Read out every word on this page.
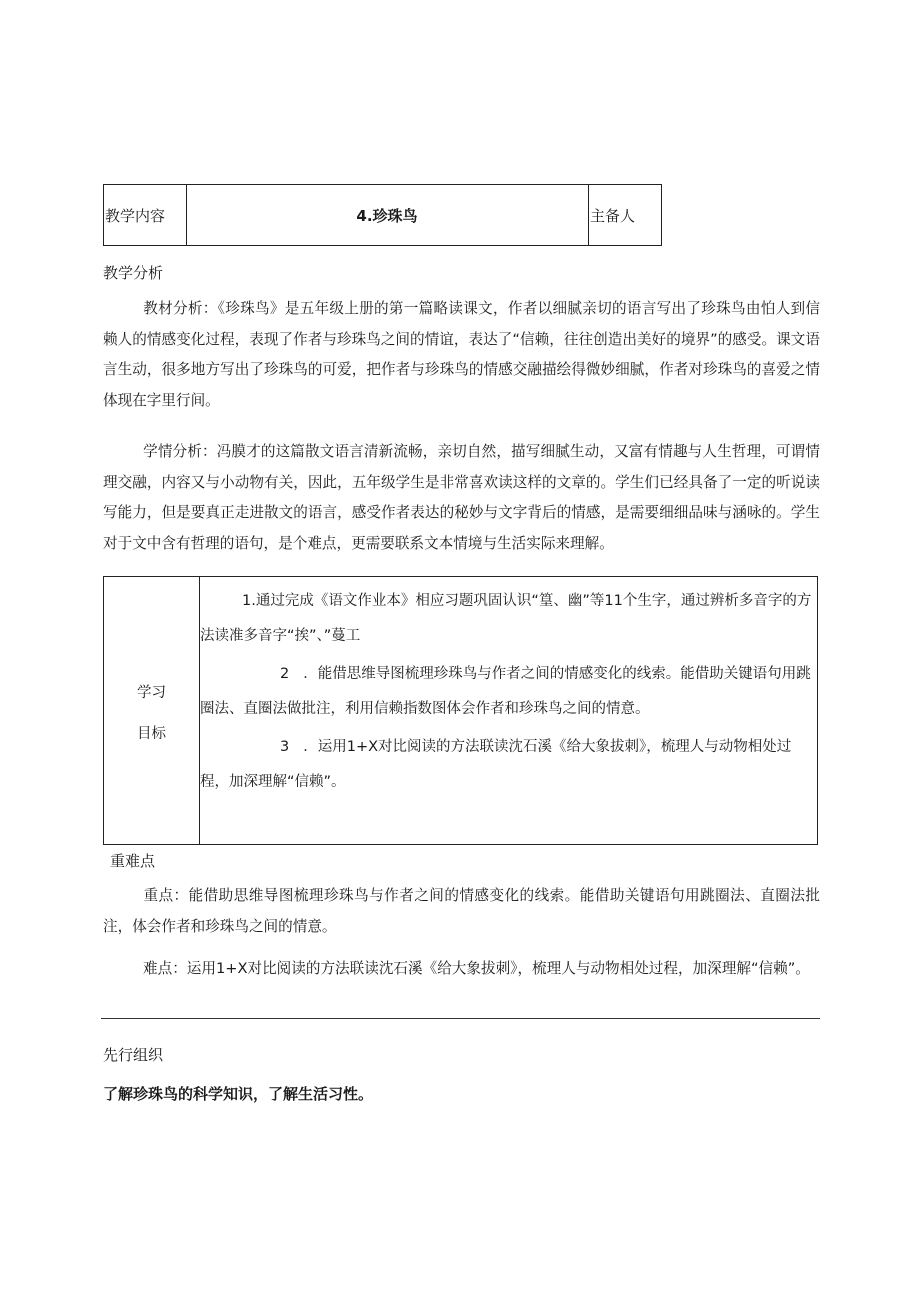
教学内容	4.珍珠鸟	主备人
教学分析

教材分析：《珍珠鸟》是五年级上册的第一篇略读课文，作者以细腻亲切的语言写出了珍珠鸟由怕人到信赖人的情感变化过程，表现了作者与珍珠鸟之间的情谊，表达了“信赖，往往创造出美好的境界”的感受。课文语言生动，很多地方写出了珍珠鸟的可爱，把作者与珍珠鸟的情感交融描绘得微妙细腻，作者对珍珠鸟的喜爱之情体现在字里行间。

学情分析：冯膜才的这篇散文语言清新流畅，亲切自然，描写细腻生动，又富有情趣与人生哲理，可谓情理交融，内容又与小动物有关，因此，五年级学生是非常喜欢读这样的文章的。学生们已经具备了一定的听说读写能力，但是要真正走进散文的语言，感受作者表达的秘妙与文字背后的情感，是需要细细品味与涵咏的。学生对于文中含有哲理的语句，是个难点，更需要联系文本情境与生活实际来理解。

学习
目标

1.通过完成《语文作业本》相应习题巩固认识“篁、幽”等11个生字，通过辨析多音字的方法读准多音字“挨”、”蔓工

2 ．能借思维导图梳理珍珠鸟与作者之间的情感变化的线索。能借助关键语句用跳圈法、直圈法做批注，利用信赖指数图体会作者和珍珠鸟之间的情意。

3 ．运用1+X对比阅读的方法联读沈石溪《给大象拔刺》，梳理人与动物相处过程，加深理解“信赖”。

重难点

重点：能借助思维导图梳理珍珠鸟与作者之间的情感变化的线索。能借助关键语句用跳圈法、直圈法批注，体会作者和珍珠鸟之间的情意。

难点：运用1+X对比阅读的方法联读沈石溪《给大象拔刺》，梳理人与动物相处过程，加深理解“信赖”。

先行组织
了解珍珠鸟的科学知识，了解生活习性。
